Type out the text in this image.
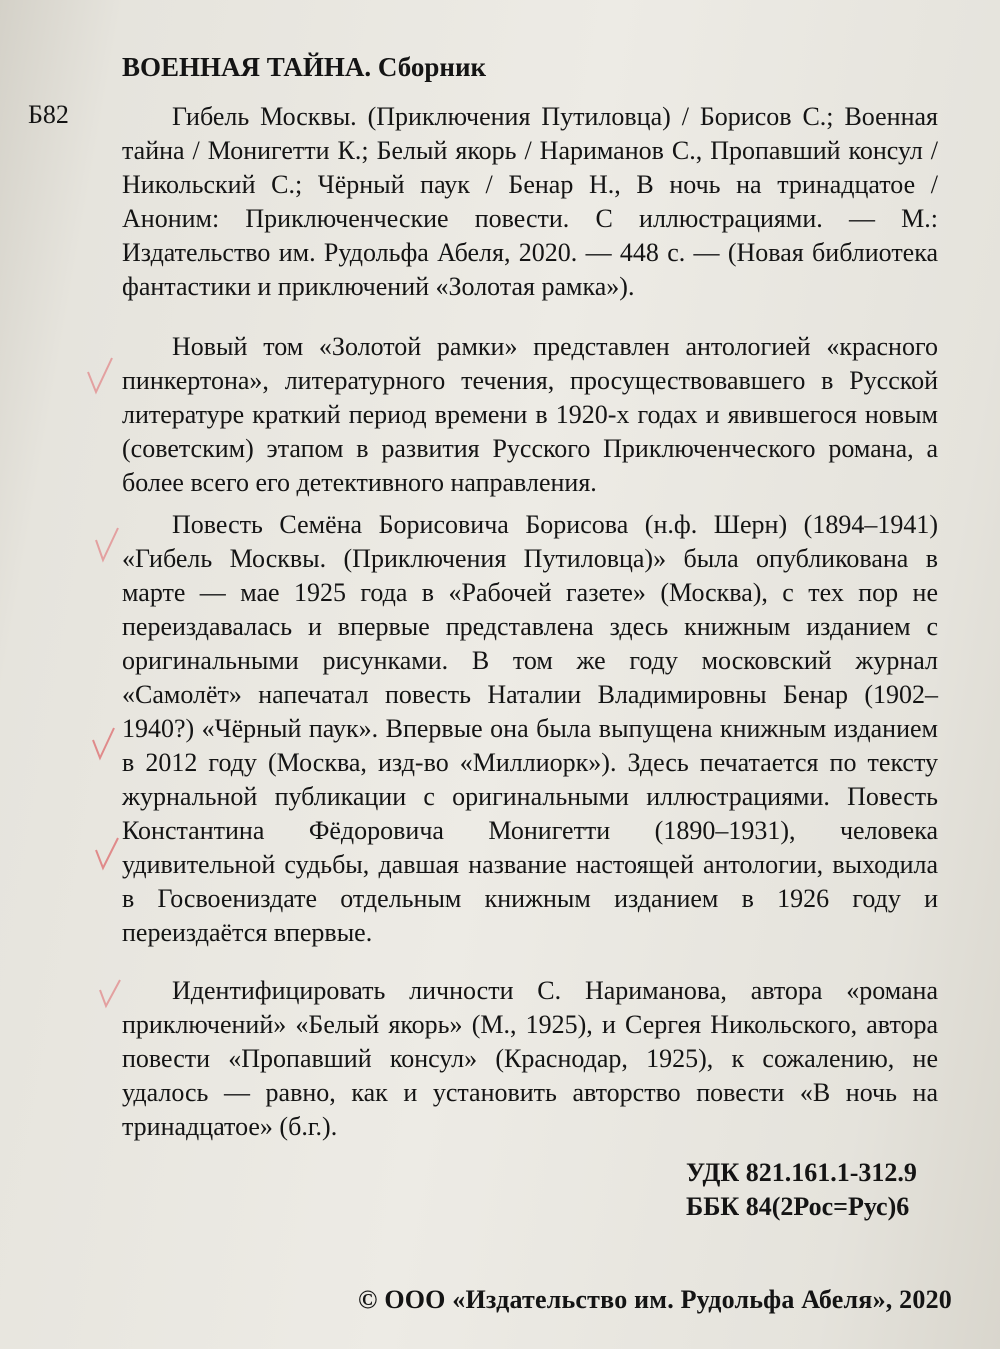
ВОЕННАЯ ТАЙНА. Сборник
Б82	Гибель Москвы. (Приключения Путиловца) / Борисов С.; Военная тайна / Монигетти К.; Белый якорь / Нариманов С., Пропавший консул / Никольский С.; Чёрный паук / Бенар Н., В ночь на тринадцатое / Аноним: Приключенческие повести. С иллюстрациями. — М.: Издательство им. Рудольфа Абеля, 2020. — 448 с. — (Новая библиотека фантастики и приключений «Золотая рамка»).

Новый том «Золотой рамки» представлен антологией «красного пинкертона», литературного течения, просуществовавшего в Русской литературе краткий период времени в 1920-х годах и явившегося новым (советским) этапом в развития Русского Приключенческого романа, а более всего его детективного направления.

Повесть Семёна Борисовича Борисова (н.ф. Шерн) (1894–1941) «Гибель Москвы. (Приключения Путиловца)» была опубликована в марте — мае 1925 года в «Рабочей газете» (Москва), с тех пор не переиздавалась и впервые представлена здесь книжным изданием с оригинальными рисунками. В том же году московский журнал «Самолёт» напечатал повесть Наталии Владимировны Бенар (1902–1940?) «Чёрный паук». Впервые она была выпущена книжным изданием в 2012 году (Москва, изд-во «Миллиорк»). Здесь печатается по тексту журнальной публикации с оригинальными иллюстрациями. Повесть Константина Фёдоровича Монигетти (1890–1931), человека удивительной судьбы, давшая название настоящей антологии, выходила в Госвоениздате отдельным книжным изданием в 1926 году и переиздаётся впервые.

Идентифицировать личности С. Нариманова, автора «романа приключений» «Белый якорь» (М., 1925), и Сергея Никольского, автора повести «Пропавший консул» (Краснодар, 1925), к сожалению, не удалось — равно, как и установить авторство повести «В ночь на тринадцатое» (б.г.).

УДК 821.161.1-312.9
ББК 84(2Рос=Рус)6
© ООО «Издательство им. Рудольфа Абеля», 2020
